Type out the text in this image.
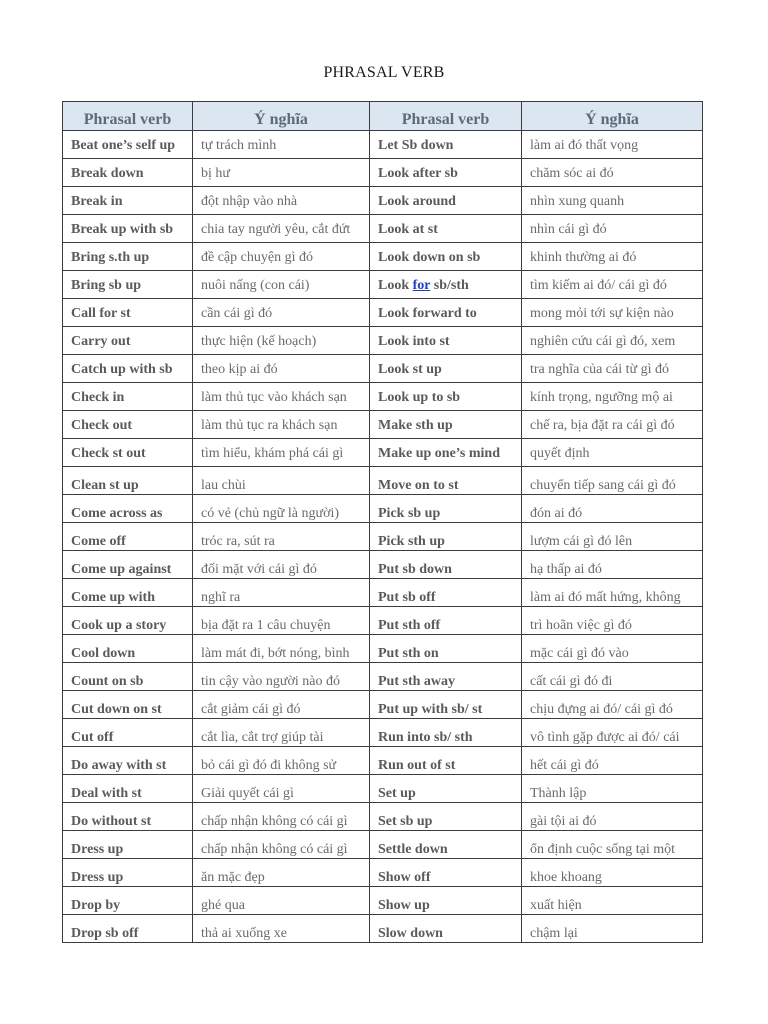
PHRASAL VERB
Phrasal verb	Ý nghĩa	Phrasal verb	Ý nghĩa

Beat one’s self up	tự trách mình	Let Sb down	làm ai đó thất vọng

Break down	bị hư	Look after sb	chăm sóc ai đó

Break in	đột nhập vào nhà	Look around	nhìn xung quanh

Break up with sb	chia tay người yêu, cắt đứt	Look at st	nhìn cái gì đó

Bring s.th up	đề cập chuyện gì đó	Look down on sb	khinh thường ai đó

Bring sb up	nuôi nấng (con cái)	Look for sb/sth	tìm kiếm ai đó/ cái gì đó

Call for st	cần cái gì đó	Look forward to	mong mỏi tới sự kiện nào

Carry out	thực hiện (kế hoạch)	Look into st	nghiên cứu cái gì đó, xem

Catch up with sb	theo kịp ai đó	Look st up	tra nghĩa của cái từ gì đó

Check in	làm thủ tục vào khách sạn	Look up to sb	kính trọng, ngưỡng mộ ai

Check out	làm thủ tục ra khách sạn	Make sth up	chế ra, bịa đặt ra cái gì đó

Check st out	tìm hiểu, khám phá cái gì	Make up one’s mind	quyết định

Clean st up	lau chùi	Move on to st	chuyển tiếp sang cái gì đó

Come across as	có vẻ (chủ ngữ là người)	Pick sb up	đón ai đó

Come off	tróc ra, sút ra	Pick sth up	lượm cái gì đó lên

Come up against	đối mặt với cái gì đó	Put sb down	hạ thấp ai đó

Come up with	nghĩ ra	Put sb off	làm ai đó mất hứng, không

Cook up a story	bịa đặt ra 1 câu chuyện	Put sth off	trì hoãn việc gì đó

Cool down	làm mát đi, bớt nóng, bình	Put sth on	mặc cái gì đó vào

Count on sb	tin cậy vào người nào đó	Put sth away	cất cái gì đó đi

Cut down on st	cắt giảm cái gì đó	Put up with sb/ st	chịu đựng ai đó/ cái gì đó

Cut off	cắt lìa, cắt trợ giúp tài	Run into sb/ sth	vô tình gặp được ai đó/ cái

Do away with st	bỏ cái gì đó đi không sử	Run out of st	hết cái gì đó

Deal with st	Giải quyết cái gì	Set up	Thành lập

Do without st	chấp nhận không có cái gì	Set sb up	gài tội ai đó

Dress up	chấp nhận không có cái gì	Settle down	ổn định cuộc sống tại một

Dress up	ăn mặc đẹp	Show off	khoe khoang

Drop by	ghé qua	Show up	xuất hiện

Drop sb off	thả ai xuống xe	Slow down	chậm lại
